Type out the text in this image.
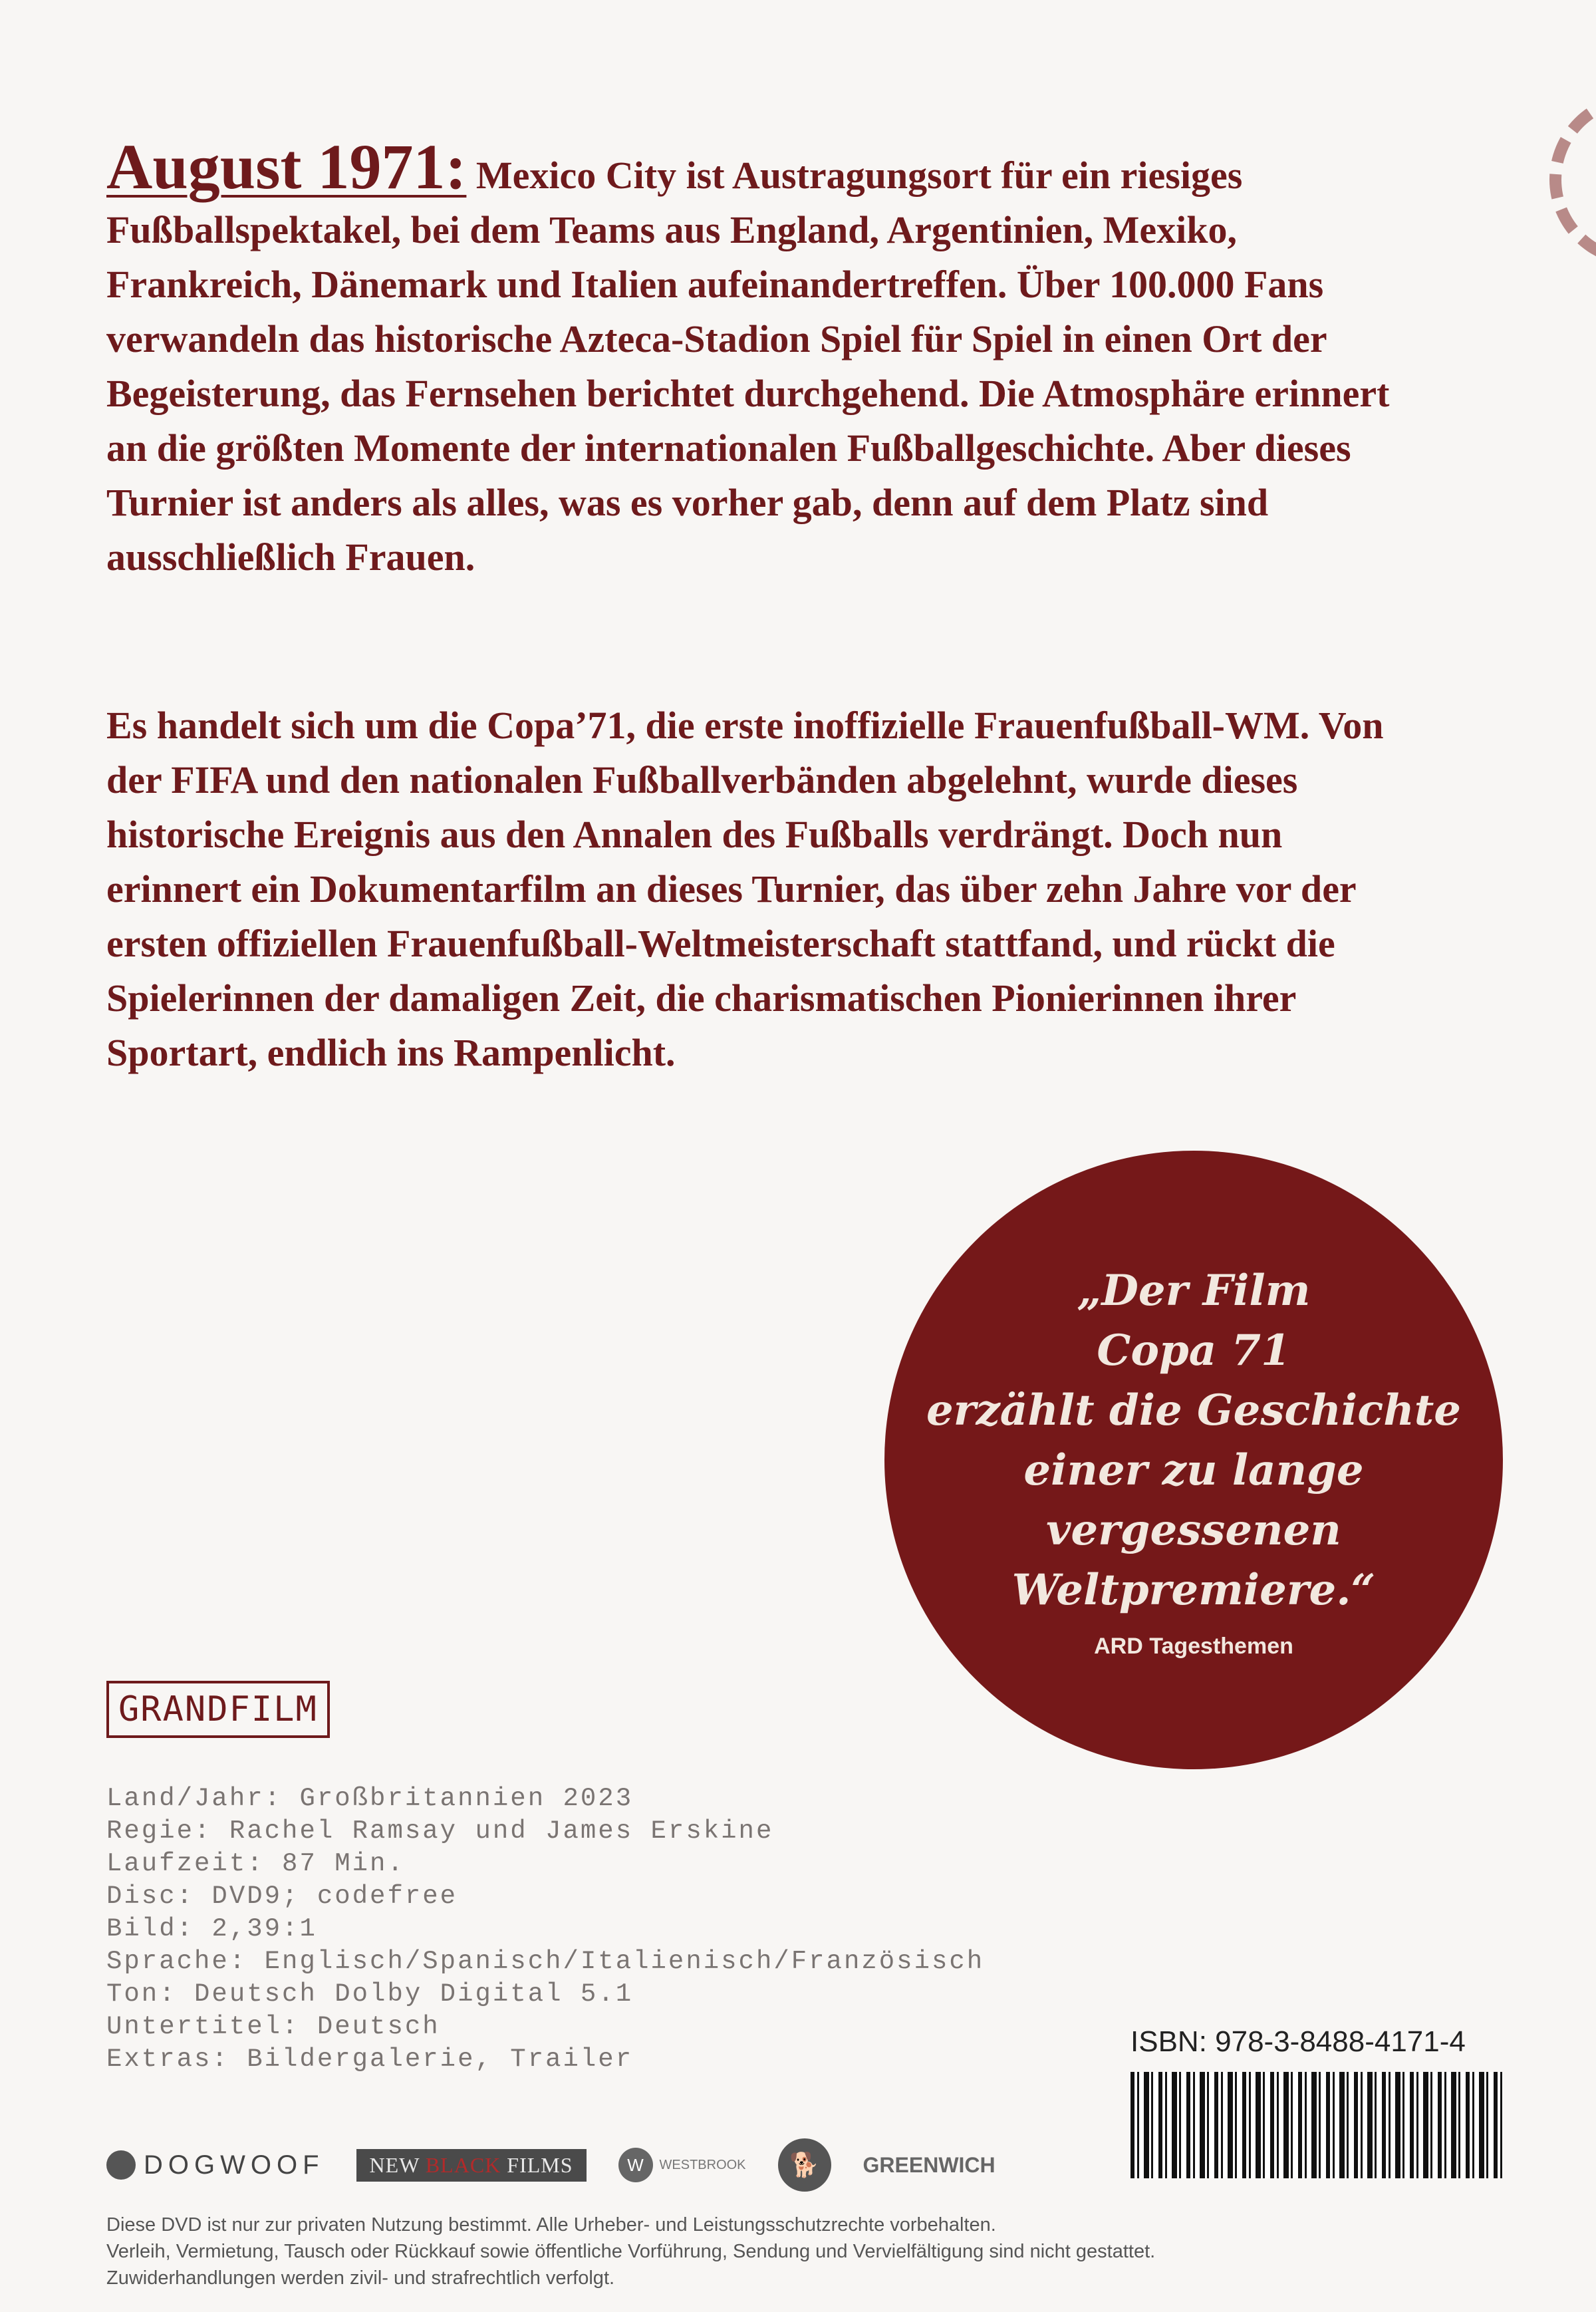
August 1971: Mexico City ist Austragungsort für ein riesiges Fußballspektakel, bei dem Teams aus England, Argentinien, Mexiko, Frankreich, Dänemark und Italien aufeinandertreffen. Über 100.000 Fans verwandeln das historische Azteca-Stadion Spiel für Spiel in einen Ort der Begeisterung, das Fernsehen berichtet durchgehend. Die Atmosphäre erinnert an die größten Momente der internationalen Fußballgeschichte. Aber dieses Turnier ist anders als alles, was es vorher gab, denn auf dem Platz sind ausschließlich Frauen.

Es handelt sich um die Copa’71, die erste inoffizielle Frauenfußball-WM. Von der FIFA und den nationalen Fußballverbänden abgelehnt, wurde dieses historische Ereignis aus den Annalen des Fußballs verdrängt. Doch nun erinnert ein Dokumentarfilm an dieses Turnier, das über zehn Jahre vor der ersten offiziellen Frauenfußball-Weltmeisterschaft stattfand, und rückt die Spielerinnen der damaligen Zeit, die charismatischen Pionierinnen ihrer Sportart, endlich ins Rampenlicht.

„Der Film
Copa 71
erzählt die Geschichte
einer zu lange
vergessenen
Weltpremiere.“
ARD Tagesthemen
GRANDFILM
Land/Jahr: Großbritannien 2023
Regie: Rachel Ramsay und James Erskine
Laufzeit: 87 Min.
Disc: DVD9; codefree
Bild: 2,39:1
Sprache: Englisch/Spanisch/Italienisch/Französisch
Ton: Deutsch Dolby Digital 5.1
Untertitel: Deutsch
Extras: Bildergalerie, Trailer
ISBN: 978-3-8488-4171-4
DOGWOOF	NEW BLACK FILMS	W	WESTBROOK	🐕	GREENWICH
Diese DVD ist nur zur privaten Nutzung bestimmt. Alle Urheber- und Leistungsschutzrechte vorbehalten.
Verleih, Vermietung, Tausch oder Rückkauf sowie öffentliche Vorführung, Sendung und Vervielfältigung sind nicht gestattet.
Zuwiderhandlungen werden zivil- und strafrechtlich verfolgt.
